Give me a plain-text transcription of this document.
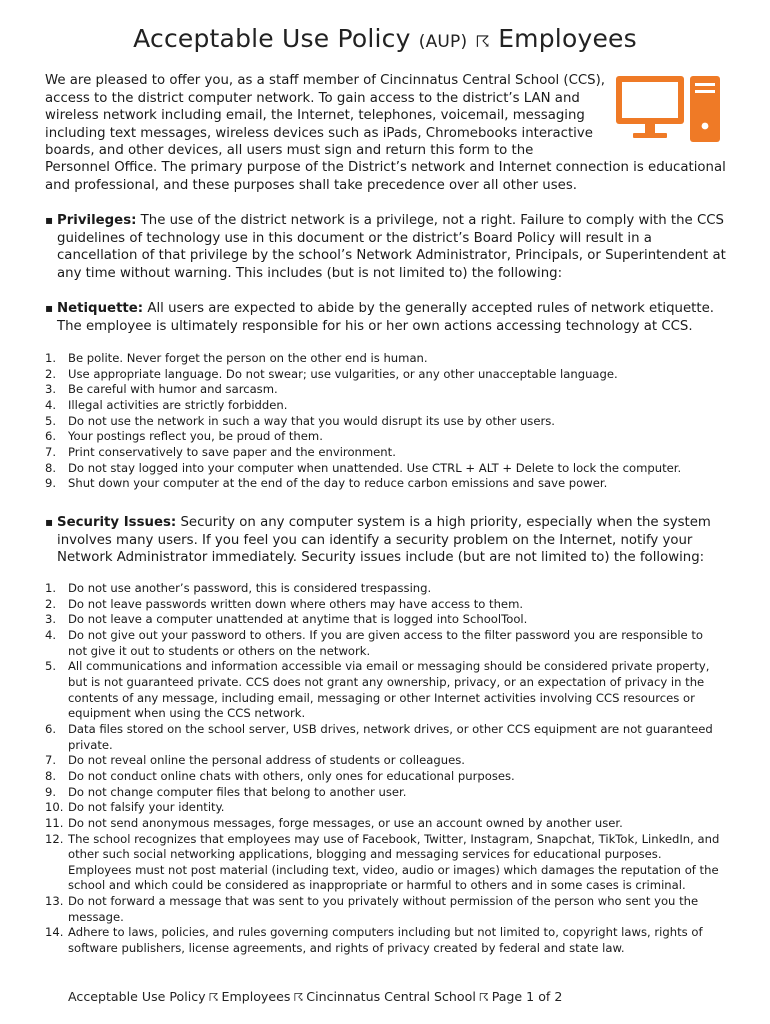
Acceptable Use Policy (AUP) ☈ Employees

We are pleased to offer you, as a staff member of Cincinnatus Central School (CCS), access to the district computer network. To gain access to the district’s LAN and wireless network including email, the Internet, telephones, voicemail, messaging including text messages, wireless devices such as iPads, Chromebooks interactive boards, and other devices, all users must sign and return this form to the

Personnel Office. The primary purpose of the District’s network and Internet connection is educational and professional, and these purposes shall take precedence over all other uses.

▪ Privileges: The use of the district network is a privilege, not a right. Failure to comply with the CCS guidelines of technology use in this document or the district’s Board Policy will result in a cancellation of that privilege by the school’s Network Administrator, Principals, or Superintendent at any time without warning. This includes (but is not limited to) the following:
▪ Netiquette: All users are expected to abide by the generally accepted rules of network etiquette. The employee is ultimately responsible for his or her own actions accessing technology at CCS.
1. Be polite. Never forget the person on the other end is human.
2. Use appropriate language. Do not swear; use vulgarities, or any other unacceptable language.
3. Be careful with humor and sarcasm.
4. Illegal activities are strictly forbidden.
5. Do not use the network in such a way that you would disrupt its use by other users.
6. Your postings reflect you, be proud of them.
7. Print conservatively to save paper and the environment.
8. Do not stay logged into your computer when unattended. Use CTRL + ALT + Delete to lock the computer.
9. Shut down your computer at the end of the day to reduce carbon emissions and save power.
▪ Security Issues: Security on any computer system is a high priority, especially when the system involves many users. If you feel you can identify a security problem on the Internet, notify your Network Administrator immediately. Security issues include (but are not limited to) the following:
1. Do not use another’s password, this is considered trespassing.
2. Do not leave passwords written down where others may have access to them.
3. Do not leave a computer unattended at anytime that is logged into SchoolTool.
4. Do not give out your password to others. If you are given access to the filter password you are responsible to not give it out to students or others on the network.
5. All communications and information accessible via email or messaging should be considered private property, but is not guaranteed private. CCS does not grant any ownership, privacy, or an expectation of privacy in the contents of any message, including email, messaging or other Internet activities involving CCS resources or equipment when using the CCS network.
6. Data files stored on the school server, USB drives, network drives, or other CCS equipment are not guaranteed private.
7. Do not reveal online the personal address of students or colleagues.
8. Do not conduct online chats with others, only ones for educational purposes.
9. Do not change computer files that belong to another user.
10. Do not falsify your identity.
11. Do not send anonymous messages, forge messages, or use an account owned by another user.
12. The school recognizes that employees may use of Facebook, Twitter, Instagram, Snapchat, TikTok, LinkedIn, and other such social networking applications, blogging and messaging services for educational purposes. Employees must not post material (including text, video, audio or images) which damages the reputation of the school and which could be considered as inappropriate or harmful to others and in some cases is criminal.
13. Do not forward a message that was sent to you privately without permission of the person who sent you the message.
14. Adhere to laws, policies, and rules governing computers including but not limited to, copyright laws, rights of software publishers, license agreements, and rights of privacy created by federal and state law.
Acceptable Use Policy ☈ Employees ☈ Cincinnatus Central School ☈ Page 1 of 2
